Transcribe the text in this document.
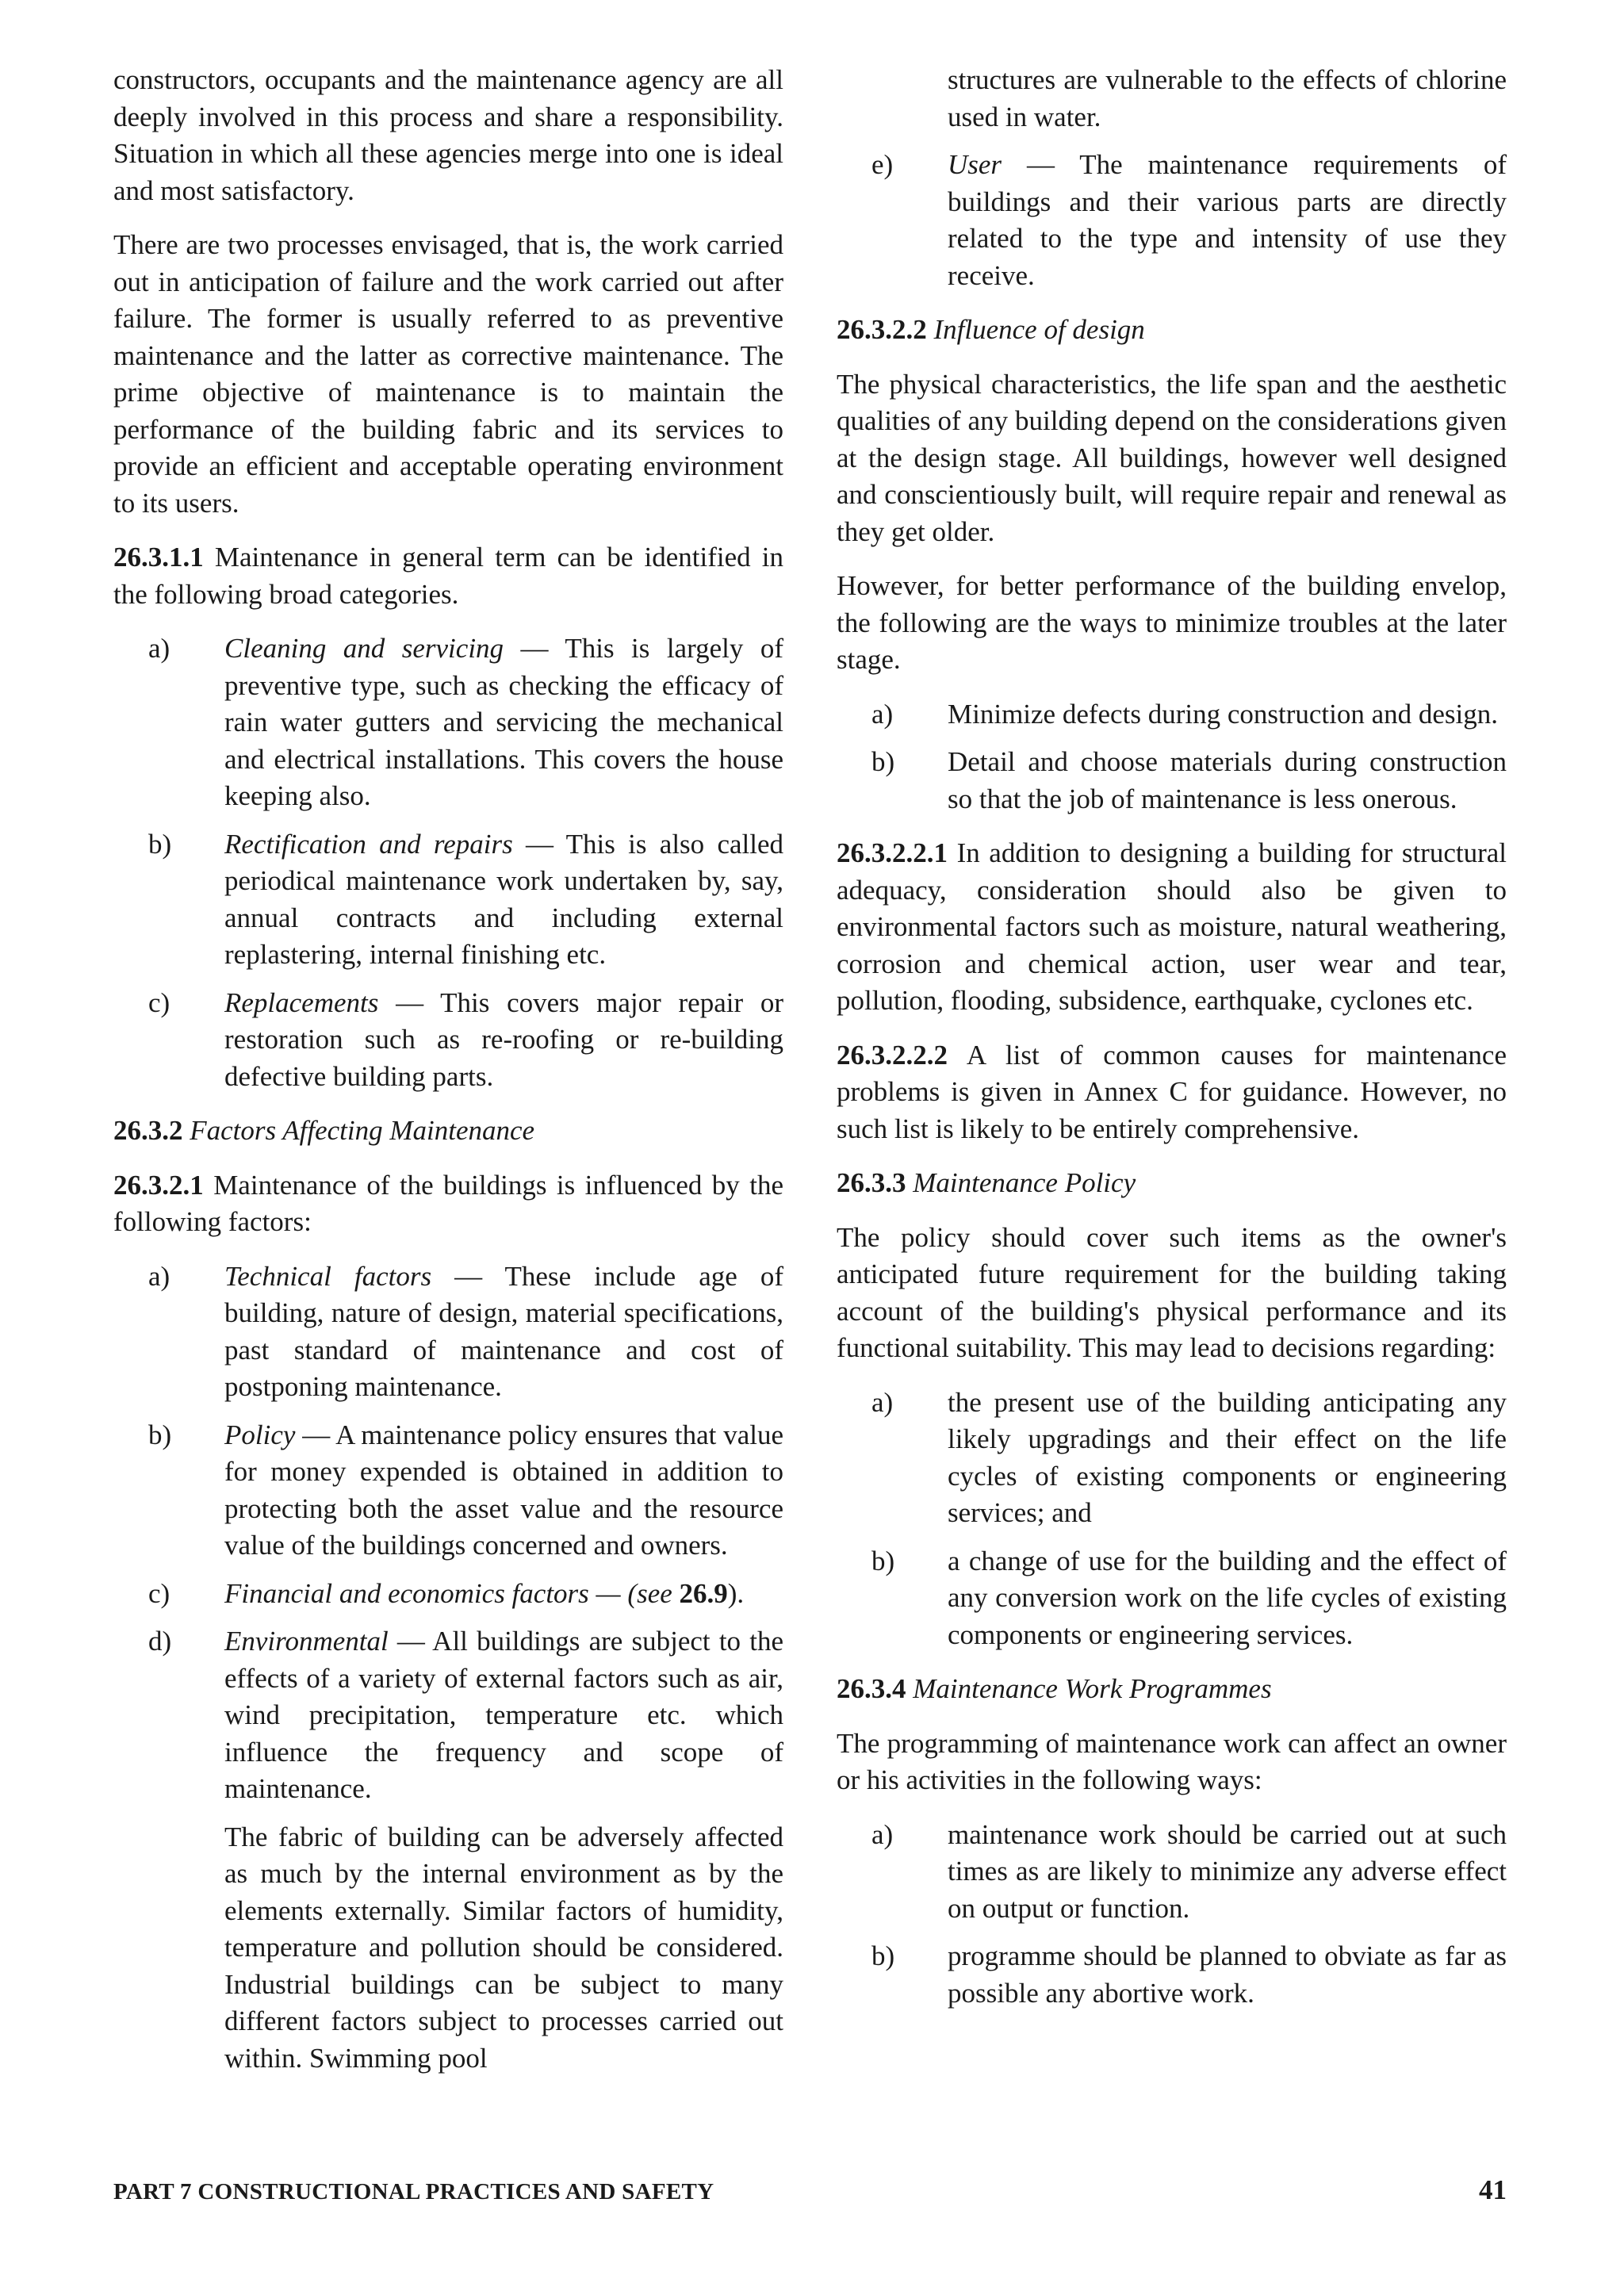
constructors, occupants and the maintenance agency are all deeply involved in this process and share a responsibility. Situation in which all these agencies merge into one is ideal and most satisfactory.

There are two processes envisaged, that is, the work carried out in anticipation of failure and the work carried out after failure. The former is usually referred to as preventive maintenance and the latter as corrective maintenance. The prime objective of maintenance is to maintain the performance of the building fabric and its services to provide an efficient and acceptable operating environment to its users.

26.3.1.1 Maintenance in general term can be identified in the following broad categories.

a) Cleaning and servicing — This is largely of preventive type, such as checking the efficacy of rain water gutters and servicing the mechanical and electrical installations. This covers the house keeping also.
b) Rectification and repairs — This is also called periodical maintenance work undertaken by, say, annual contracts and including external replastering, internal finishing etc.
c) Replacements — This covers major repair or restoration such as re-roofing or re-building defective building parts.
26.3.2 Factors Affecting Maintenance

26.3.2.1 Maintenance of the buildings is influenced by the following factors:

a) Technical factors — These include age of building, nature of design, material specifications, past standard of maintenance and cost of postponing maintenance.
b) Policy — A maintenance policy ensures that value for money expended is obtained in addition to protecting both the asset value and the resource value of the buildings concerned and owners.
c) Financial and economics factors — (see 26.9).
d) Environmental — All buildings are subject to the effects of a variety of external factors such as air, wind precipitation, temperature etc. which influence the frequency and scope of maintenance.
The fabric of building can be adversely affected as much by the internal environment as by the elements externally. Similar factors of humidity, temperature and pollution should be considered. Industrial buildings can be subject to many different factors subject to processes carried out within. Swimming pool
structures are vulnerable to the effects of chlorine used in water.
e) User — The maintenance requirements of buildings and their various parts are directly related to the type and intensity of use they receive.
26.3.2.2 Influence of design

The physical characteristics, the life span and the aesthetic qualities of any building depend on the considerations given at the design stage. All buildings, however well designed and conscientiously built, will require repair and renewal as they get older.

However, for better performance of the building envelop, the following are the ways to minimize troubles at the later stage.

a) Minimize defects during construction and design.
b) Detail and choose materials during construction so that the job of maintenance is less onerous.

26.3.2.2.1 In addition to designing a building for structural adequacy, consideration should also be given to environmental factors such as moisture, natural weathering, corrosion and chemical action, user wear and tear, pollution, flooding, subsidence, earthquake, cyclones etc.

26.3.2.2.2 A list of common causes for maintenance problems is given in Annex C for guidance. However, no such list is likely to be entirely comprehensive.

26.3.3 Maintenance Policy

The policy should cover such items as the owner's anticipated future requirement for the building taking account of the building's physical performance and its functional suitability. This may lead to decisions regarding:

a) the present use of the building anticipating any likely upgradings and their effect on the life cycles of existing components or engineering services; and
b) a change of use for the building and the effect of any conversion work on the life cycles of existing components or engineering services.
26.3.4 Maintenance Work Programmes

The programming of maintenance work can affect an owner or his activities in the following ways:

a) maintenance work should be carried out at such times as are likely to minimize any adverse effect on output or function.
b) programme should be planned to obviate as far as possible any abortive work.
PART 7 CONSTRUCTIONAL PRACTICES AND SAFETY	41
